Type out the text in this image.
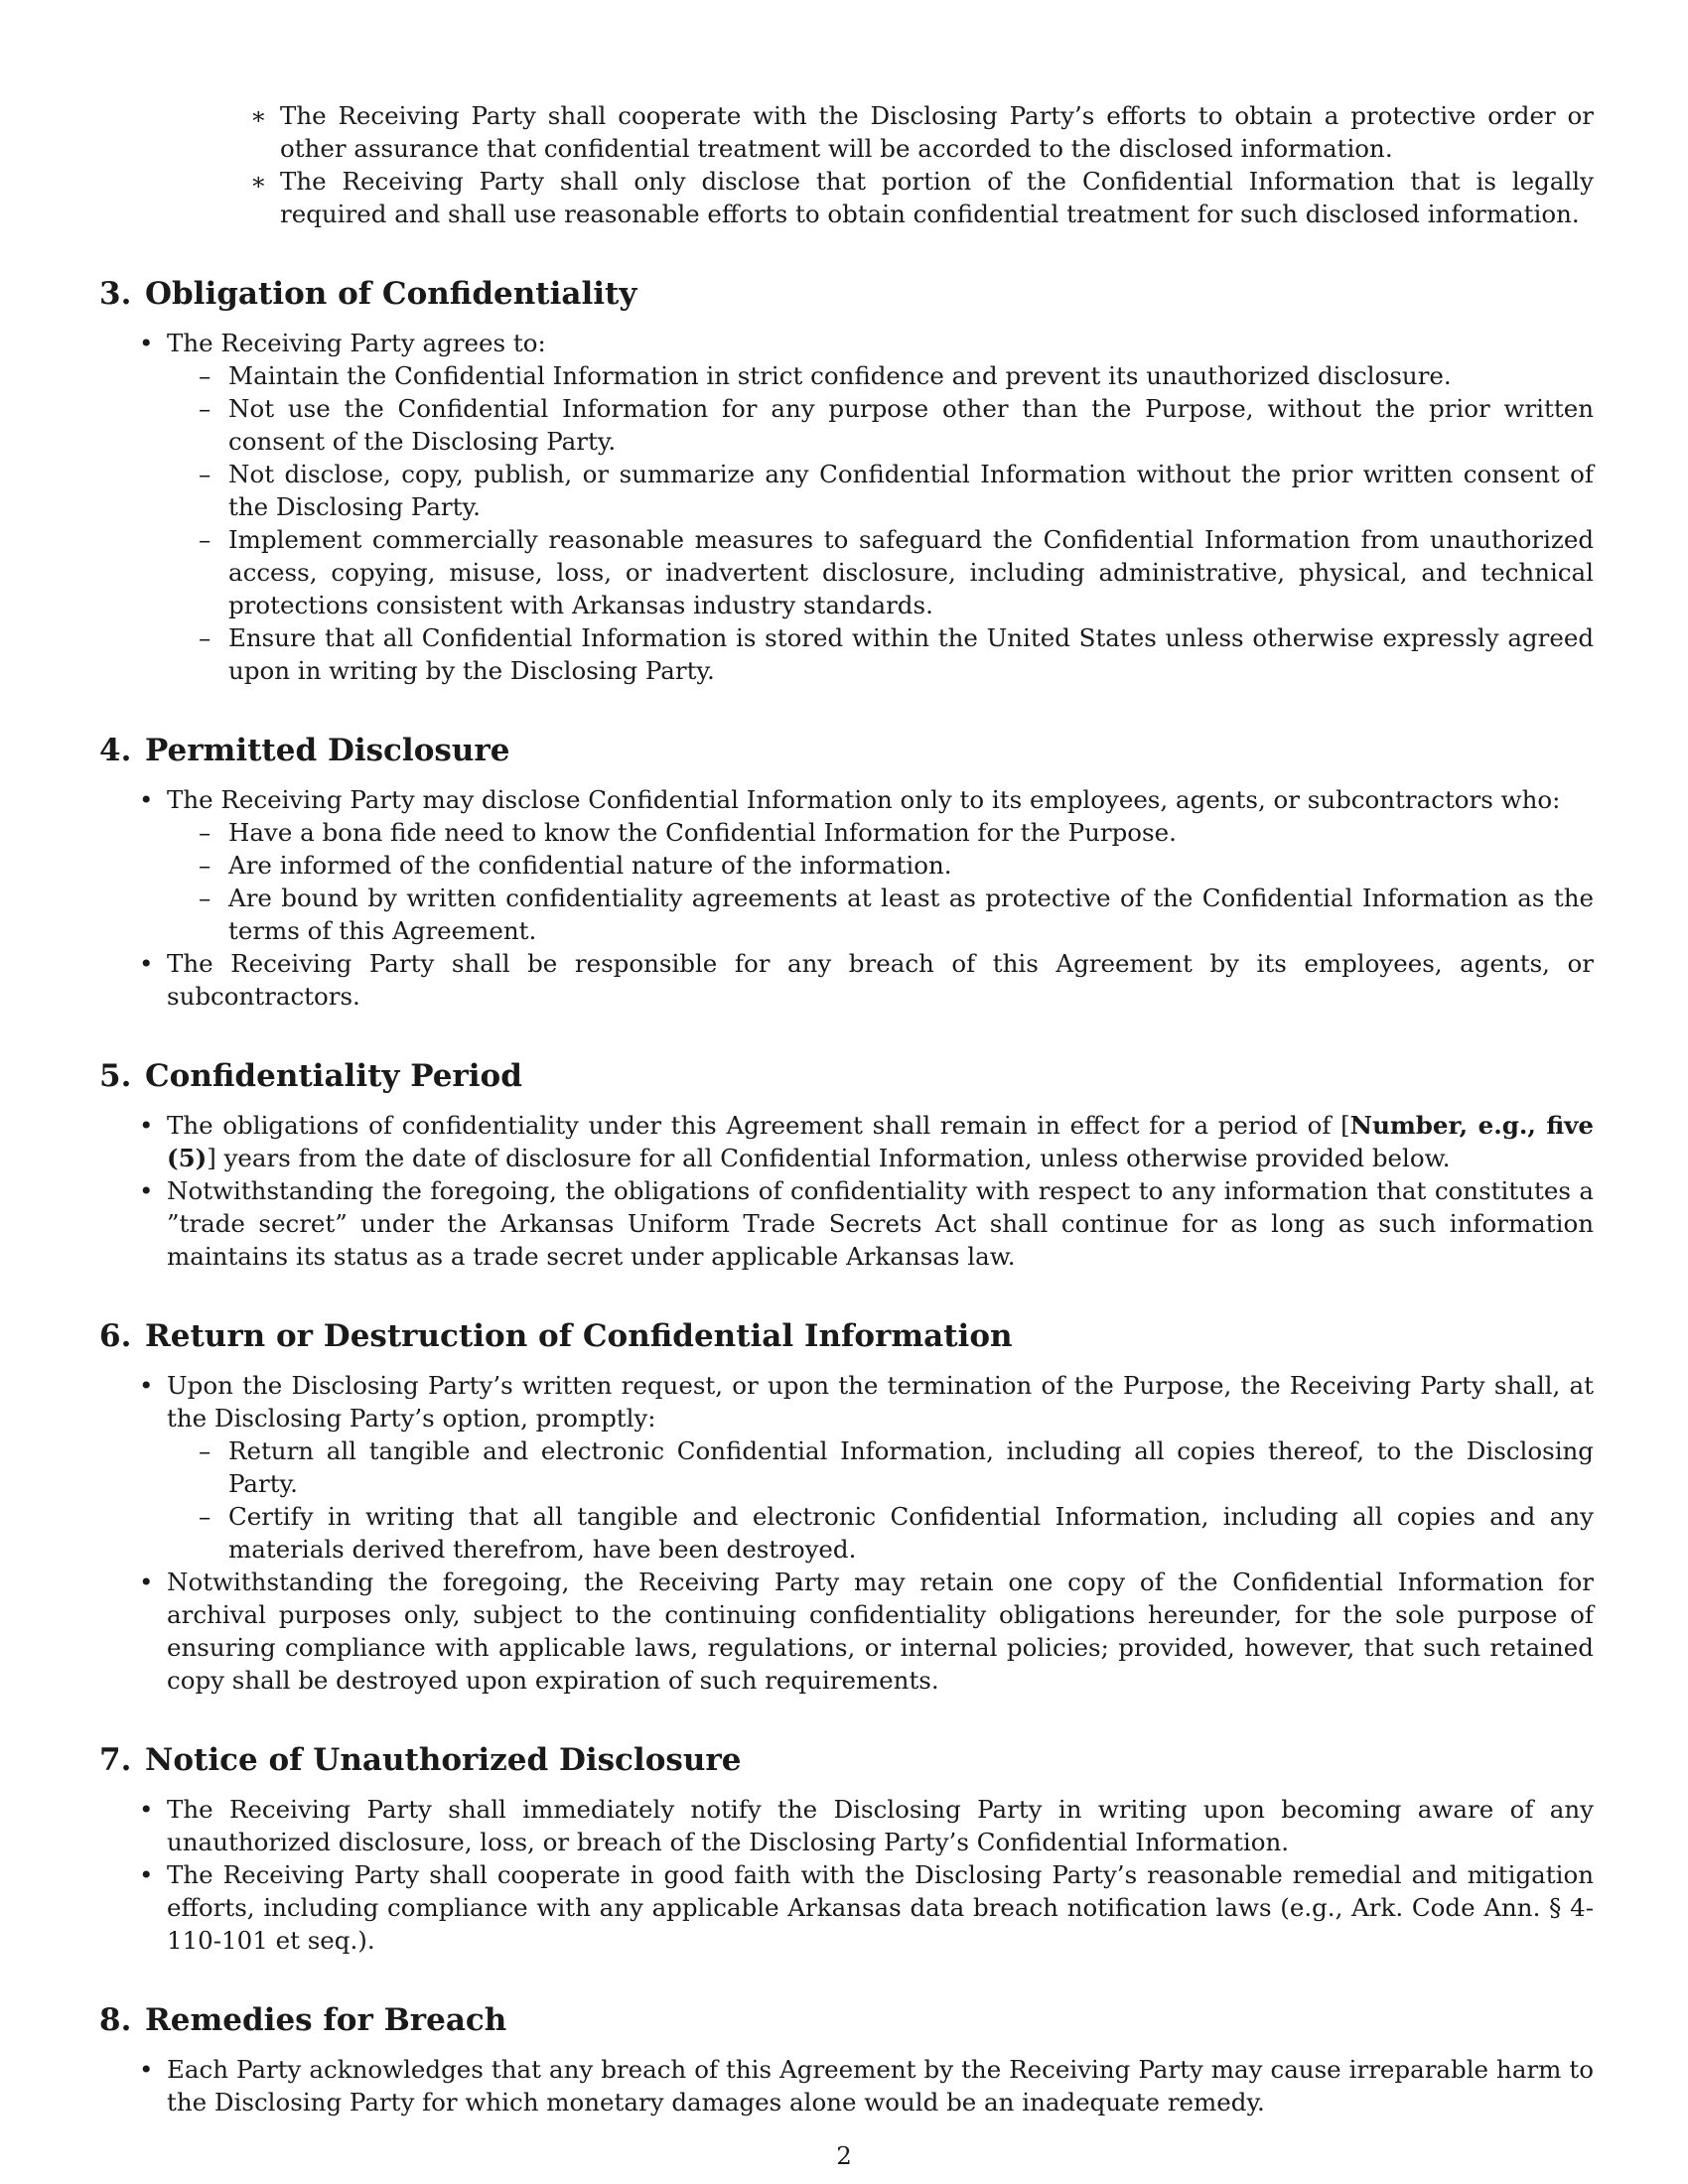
∗ The Receiving Party shall cooperate with the Disclosing Party’s efforts to obtain a protective order or other assurance that confidential treatment will be accorded to the disclosed information.
∗ The Receiving Party shall only disclose that portion of the Confidential Information that is legally required and shall use reasonable efforts to obtain confidential treatment for such disclosed information.
3. Obligation of Confidentiality
• The Receiving Party agrees to:
– Maintain the Confidential Information in strict confidence and prevent its unauthorized disclosure.
– Not use the Confidential Information for any purpose other than the Purpose, without the prior written consent of the Disclosing Party.
– Not disclose, copy, publish, or summarize any Confidential Information without the prior written consent of the Disclosing Party.
– Implement commercially reasonable measures to safeguard the Confidential Information from unauthorized access, copying, misuse, loss, or inadvertent disclosure, including administrative, physical, and technical protections consistent with Arkansas industry standards.
– Ensure that all Confidential Information is stored within the United States unless otherwise expressly agreed upon in writing by the Disclosing Party.
4. Permitted Disclosure
• The Receiving Party may disclose Confidential Information only to its employees, agents, or subcontractors who:
– Have a bona fide need to know the Confidential Information for the Purpose.
– Are informed of the confidential nature of the information.
– Are bound by written confidentiality agreements at least as protective of the Confidential Information as the terms of this Agreement.
• The Receiving Party shall be responsible for any breach of this Agreement by its employees, agents, or subcontractors.
5. Confidentiality Period
• The obligations of confidentiality under this Agreement shall remain in effect for a period of [Number, e.g., five (5)] years from the date of disclosure for all Confidential Information, unless otherwise provided below.
• Notwithstanding the foregoing, the obligations of confidentiality with respect to any information that constitutes a ”trade secret” under the Arkansas Uniform Trade Secrets Act shall continue for as long as such information maintains its status as a trade secret under applicable Arkansas law.
6. Return or Destruction of Confidential Information
• Upon the Disclosing Party’s written request, or upon the termination of the Purpose, the Receiving Party shall, at the Disclosing Party’s option, promptly:
– Return all tangible and electronic Confidential Information, including all copies thereof, to the Disclosing Party.
– Certify in writing that all tangible and electronic Confidential Information, including all copies and any materials derived therefrom, have been destroyed.
• Notwithstanding the foregoing, the Receiving Party may retain one copy of the Confidential Information for archival purposes only, subject to the continuing confidentiality obligations hereunder, for the sole purpose of ensuring compliance with applicable laws, regulations, or internal policies; provided, however, that such retained copy shall be destroyed upon expiration of such requirements.
7. Notice of Unauthorized Disclosure
• The Receiving Party shall immediately notify the Disclosing Party in writing upon becoming aware of any unauthorized disclosure, loss, or breach of the Disclosing Party’s Confidential Information.
• The Receiving Party shall cooperate in good faith with the Disclosing Party’s reasonable remedial and mitigation efforts, including compliance with any applicable Arkansas data breach notification laws (e.g., Ark. Code Ann. § 4-110-101 et seq.).
8. Remedies for Breach
• Each Party acknowledges that any breach of this Agreement by the Receiving Party may cause irreparable harm to the Disclosing Party for which monetary damages alone would be an inadequate remedy.
2
